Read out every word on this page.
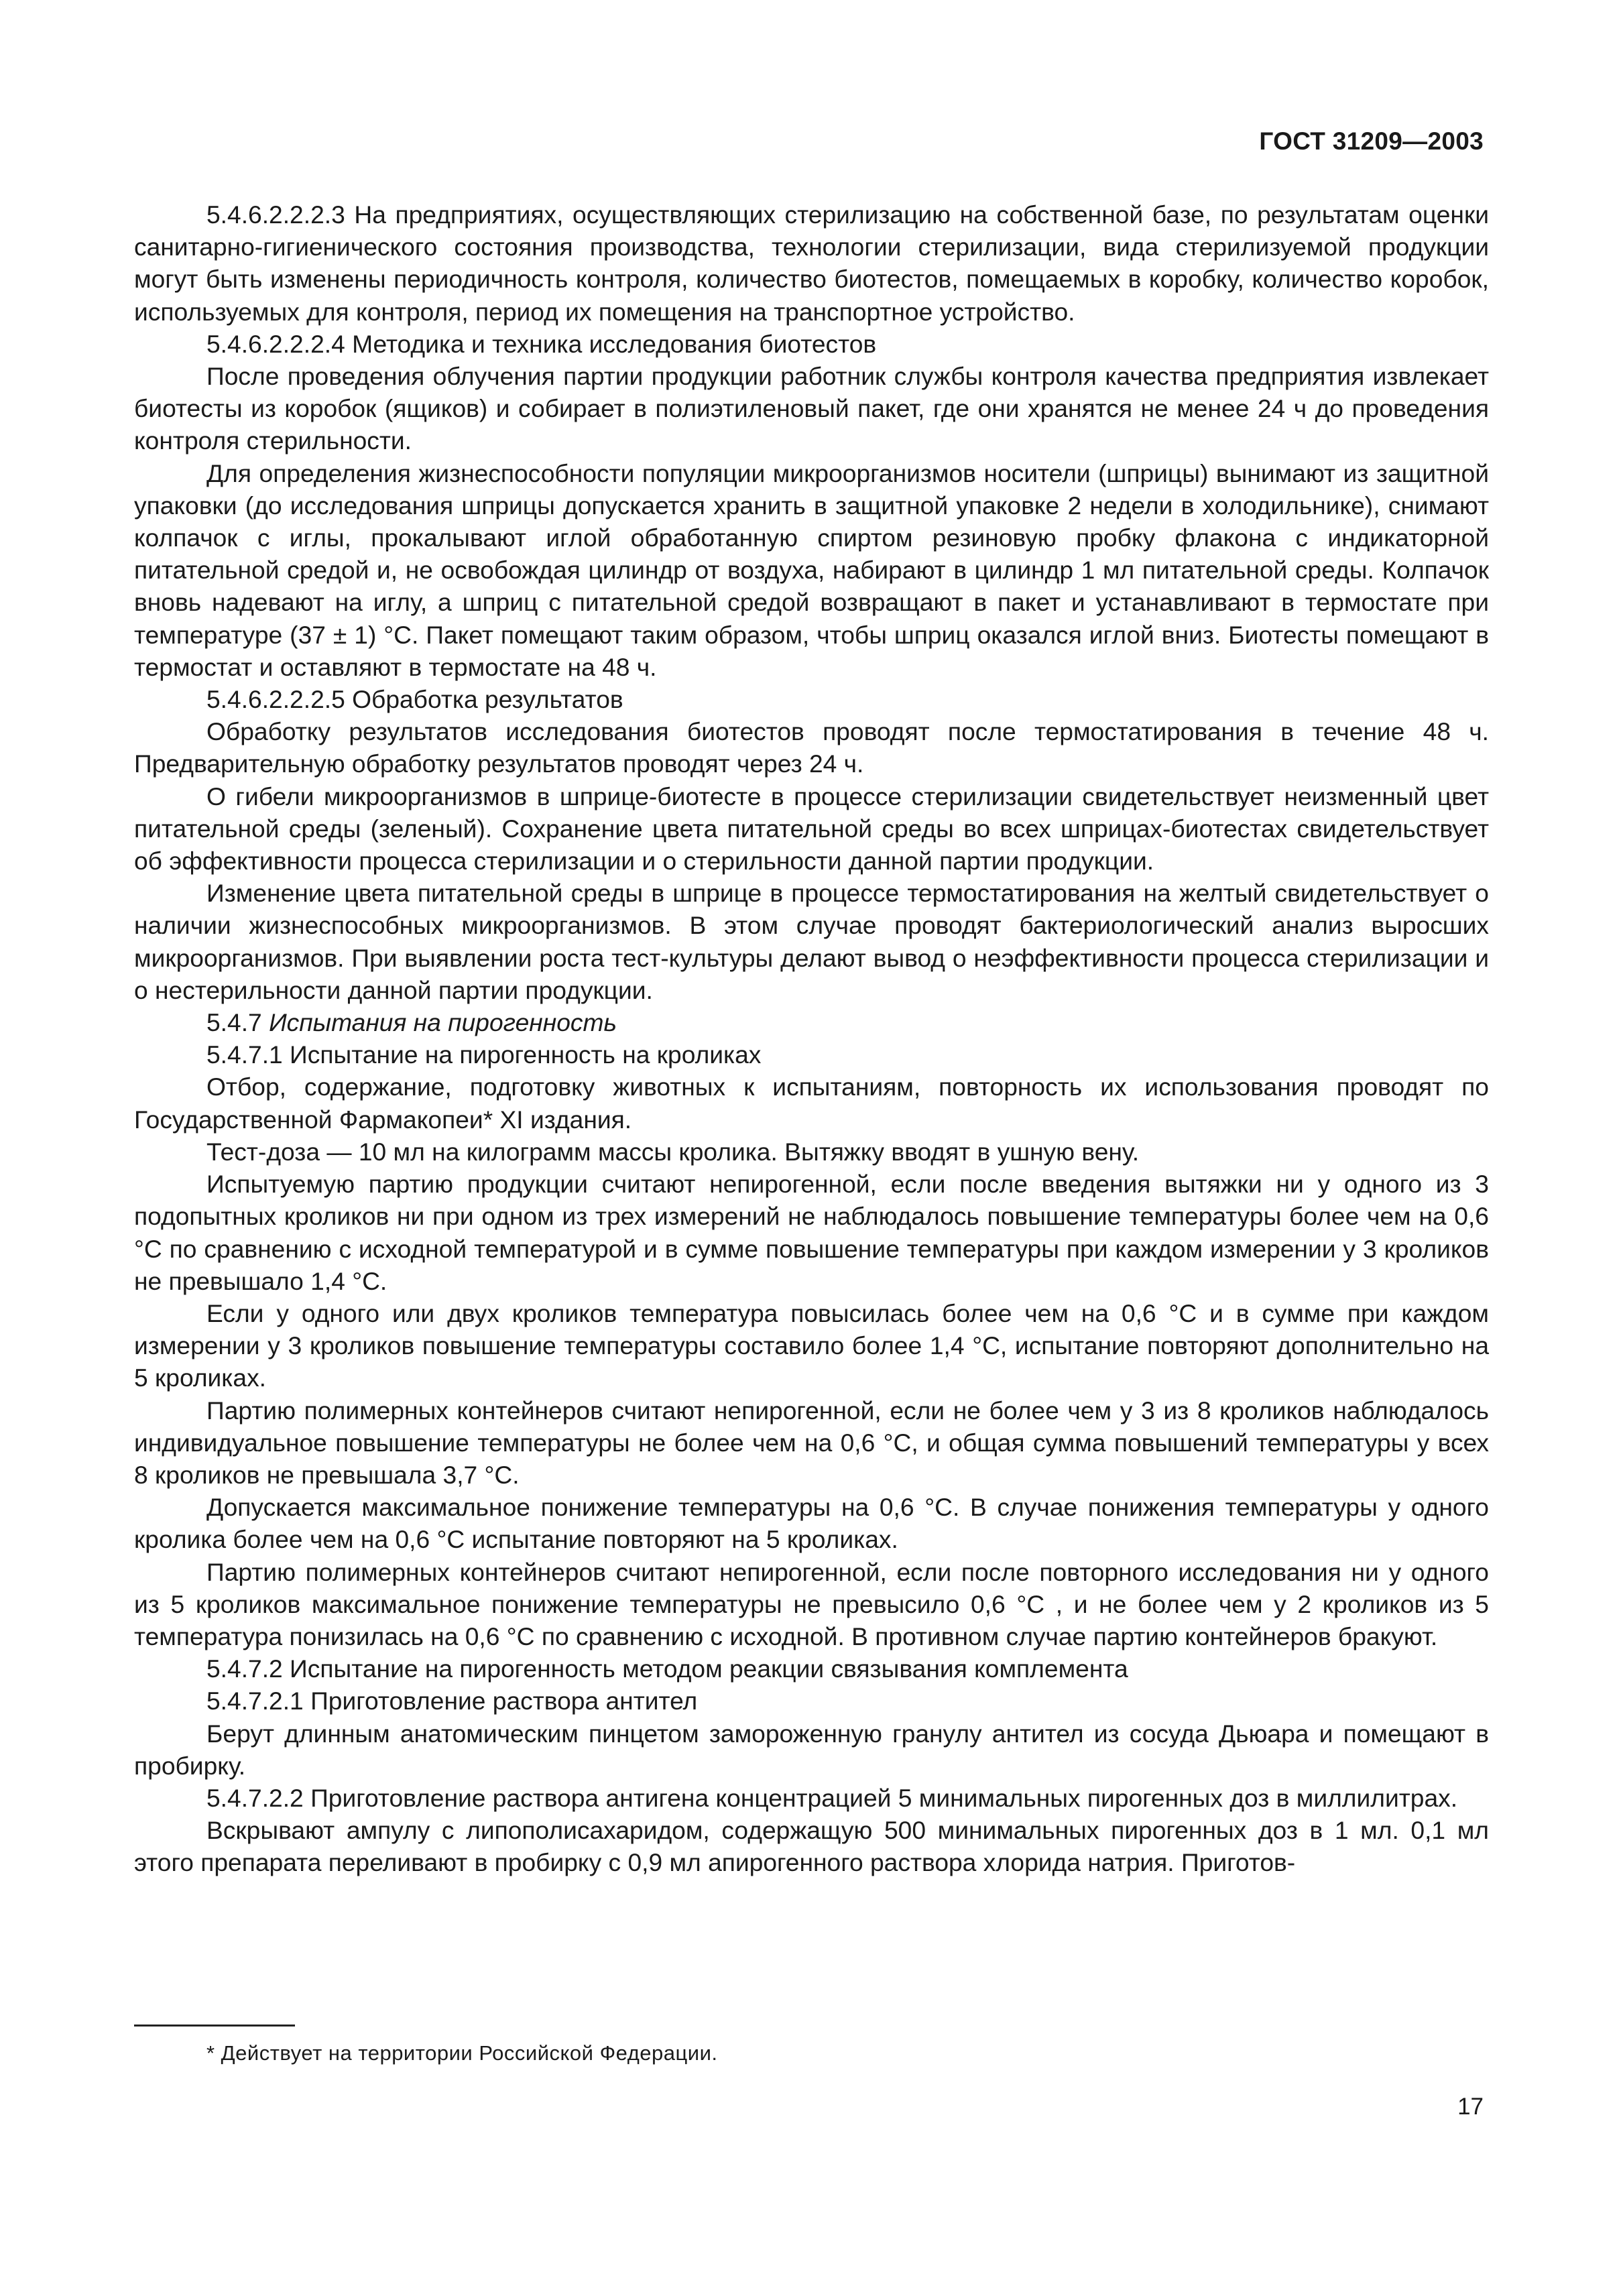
ГОСТ 31209—2003

5.4.6.2.2.2.3 На предприятиях, осуществляющих стерилизацию на собственной базе, по результатам оценки санитарно-гигиенического состояния производства, технологии стерилизации, вида стерилизуемой продукции могут быть изменены периодичность контроля, количество биотестов, помещаемых в коробку, количество коробок, используемых для контроля, период их помещения на транспортное устройство.

5.4.6.2.2.2.4 Методика и техника исследования биотестов

После проведения облучения партии продукции работник службы контроля качества предприятия извлекает биотесты из коробок (ящиков) и собирает в полиэтиленовый пакет, где они хранятся не менее 24 ч до проведения контроля стерильности.

Для определения жизнеспособности популяции микроорганизмов носители (шприцы) вынимают из защитной упаковки (до исследования шприцы допускается хранить в защитной упаковке 2 недели в холодильнике), снимают колпачок с иглы, прокалывают иглой обработанную спиртом резиновую пробку флакона с индикаторной питательной средой и, не освобождая цилиндр от воздуха, набирают в цилиндр 1 мл питательной среды. Колпачок вновь надевают на иглу, а шприц с питательной средой возвращают в пакет и устанавливают в термостате при температуре (37 ± 1) °С. Пакет помещают таким образом, чтобы шприц оказался иглой вниз. Биотесты помещают в термостат и оставляют в термостате на 48 ч.

5.4.6.2.2.2.5 Обработка результатов

Обработку результатов исследования биотестов проводят после термостатирования в течение 48 ч. Предварительную обработку результатов проводят через 24 ч.

О гибели микроорганизмов в шприце-биотесте в процессе стерилизации свидетельствует неизменный цвет питательной среды (зеленый). Сохранение цвета питательной среды во всех шприцах-биотестах свидетельствует об эффективности процесса стерилизации и о стерильности данной партии продукции.

Изменение цвета питательной среды в шприце в процессе термостатирования на желтый свидетельствует о наличии жизнеспособных микроорганизмов. В этом случае проводят бактериологический анализ выросших микроорганизмов. При выявлении роста тест-культуры делают вывод о неэффективности процесса стерилизации и о нестерильности данной партии продукции.

5.4.7 Испытания на пирогенность

5.4.7.1 Испытание на пирогенность на кроликах

Отбор, содержание, подготовку животных к испытаниям, повторность их использования проводят по Государственной Фармакопеи* XI издания.

Тест-доза — 10 мл на килограмм массы кролика. Вытяжку вводят в ушную вену.

Испытуемую партию продукции считают непирогенной, если после введения вытяжки ни у одного из 3 подопытных кроликов ни при одном из трех измерений не наблюдалось повышение температуры более чем на 0,6 °С по сравнению с исходной температурой и в сумме повышение температуры при каждом измерении у 3 кроликов не превышало 1,4 °С.

Если у одного или двух кроликов температура повысилась более чем на 0,6 °С и в сумме при каждом измерении у 3 кроликов повышение температуры составило более 1,4 °С, испытание повторяют дополнительно на 5 кроликах.

Партию полимерных контейнеров считают непирогенной, если не более чем у 3 из 8 кроликов наблюдалось индивидуальное повышение температуры не более чем на 0,6 °С, и общая сумма повышений температуры у всех 8 кроликов не превышала 3,7 °С.

Допускается максимальное понижение температуры на 0,6 °С. В случае понижения температуры у одного кролика более чем на 0,6 °С испытание повторяют на 5 кроликах.

Партию полимерных контейнеров считают непирогенной, если после повторного исследования ни у одного из 5 кроликов максимальное понижение температуры не превысило 0,6 °С , и не более чем у 2 кроликов из 5 температура понизилась на 0,6 °С по сравнению с исходной. В противном случае партию контейнеров бракуют.

5.4.7.2 Испытание на пирогенность методом реакции связывания комплемента

5.4.7.2.1 Приготовление раствора антител

Берут длинным анатомическим пинцетом замороженную гранулу антител из сосуда Дьюара и помещают в пробирку.

5.4.7.2.2 Приготовление раствора антигена концентрацией 5 минимальных пирогенных доз в миллилитрах.

Вскрывают ампулу с липополисахаридом, содержащую 500 минимальных пирогенных доз в 1 мл. 0,1 мл этого препарата переливают в пробирку с 0,9 мл апирогенного раствора хлорида натрия. Приготов-

* Действует на территории Российской Федерации.
17
